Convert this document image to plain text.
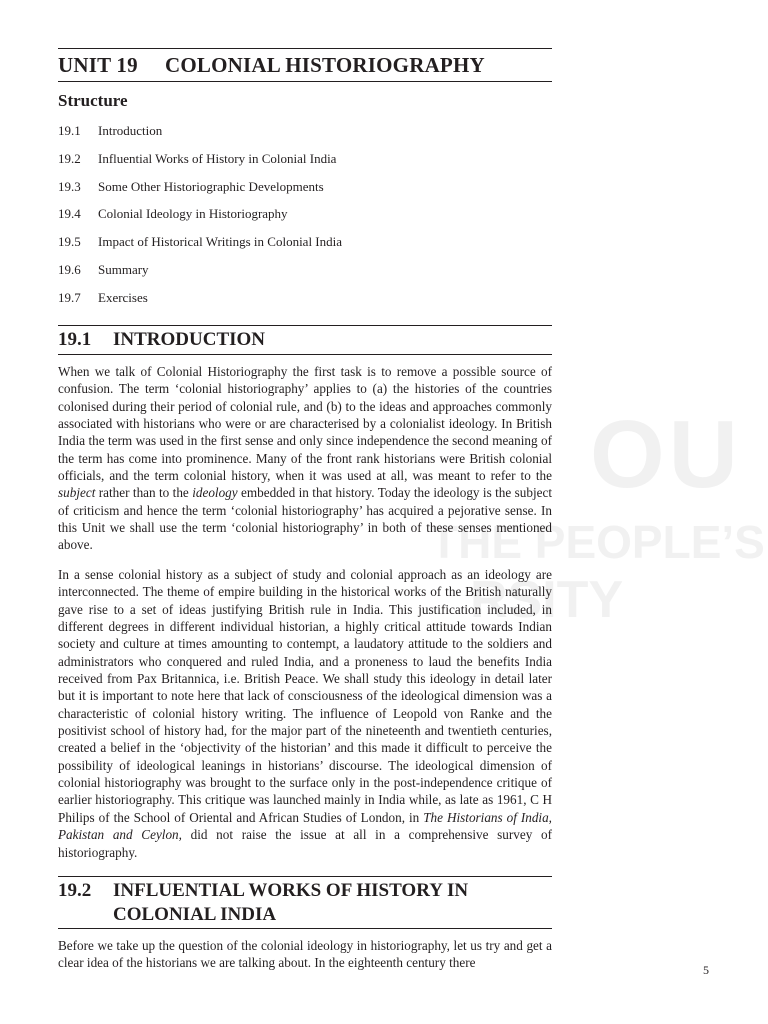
OU
THE PEOPLE’S
RSITY
UNIT 19 COLONIAL HISTORIOGRAPHY
Structure
19.1 Introduction
19.2 Influential Works of History in Colonial India
19.3 Some Other Historiographic Developments
19.4 Colonial Ideology in Historiography
19.5 Impact of Historical Writings in Colonial India
19.6 Summary
19.7 Exercises
19.1 INTRODUCTION

When we talk of Colonial Historiography the first task is to remove a possible source of confusion. The term ‘colonial historiography’ applies to (a) the histories of the countries colonised during their period of colonial rule, and (b) to the ideas and approaches commonly associated with historians who were or are characterised by a colonialist ideology. In British India the term was used in the first sense and only since independence the second meaning of the term has come into prominence. Many of the front rank historians were British colonial officials, and the term colonial history, when it was used at all, was meant to refer to the subject rather than to the ideology embedded in that history. Today the ideology is the subject of criticism and hence the term ‘colonial historiography’ has acquired a pejorative sense. In this Unit we shall use the term ‘colonial historiography’ in both of these senses mentioned above.

In a sense colonial history as a subject of study and colonial approach as an ideology are interconnected. The theme of empire building in the historical works of the British naturally gave rise to a set of ideas justifying British rule in India. This justification included, in different degrees in different individual historian, a highly critical attitude towards Indian society and culture at times amounting to contempt, a laudatory attitude to the soldiers and administrators who conquered and ruled India, and a proneness to laud the benefits India received from Pax Britannica, i.e. British Peace. We shall study this ideology in detail later but it is important to note here that lack of consciousness of the ideological dimension was a characteristic of colonial history writing. The influence of Leopold von Ranke and the positivist school of history had, for the major part of the nineteenth and twentieth centuries, created a belief in the ‘objectivity of the historian’ and this made it difficult to perceive the possibility of ideological leanings in historians’ discourse. The ideological dimension of colonial historiography was brought to the surface only in the post-independence critique of earlier historiography. This critique was launched mainly in India while, as late as 1961, C H Philips of the School of Oriental and African Studies of London, in The Historians of India, Pakistan and Ceylon, did not raise the issue at all in a comprehensive survey of historiography.

19.2 INFLUENTIAL WORKS OF HISTORY IN
COLONIAL INDIA

Before we take up the question of the colonial ideology in historiography, let us try and get a clear idea of the historians we are talking about. In the eighteenth century there	5
